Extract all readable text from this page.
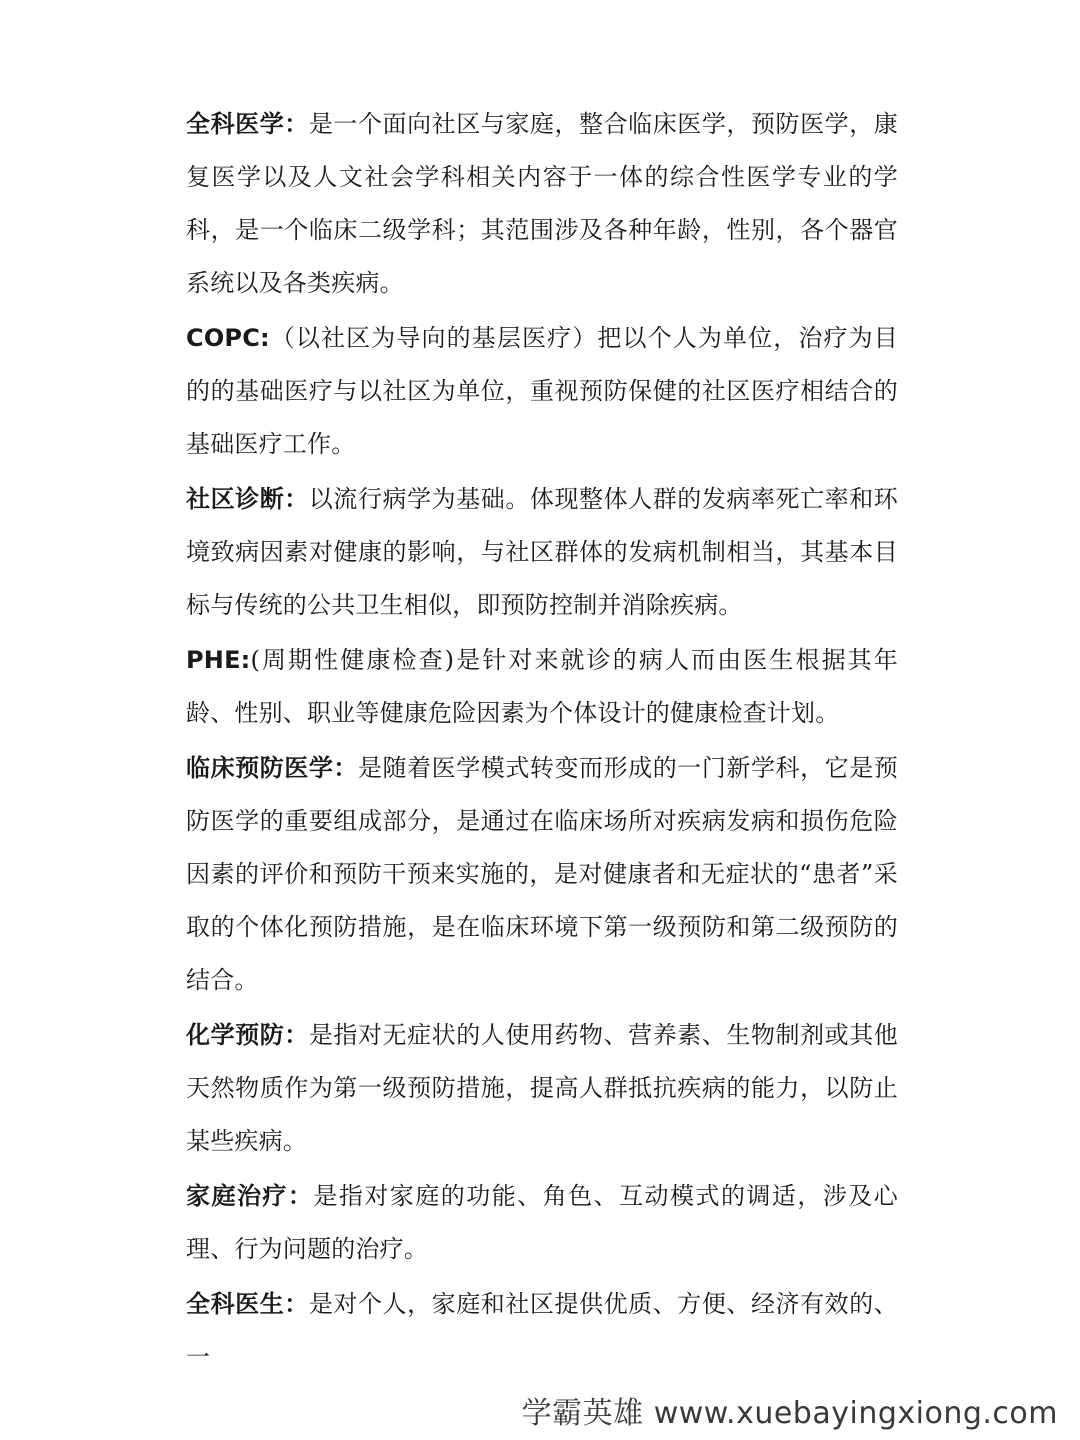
全科医学：是一个面向社区与家庭，整合临床医学，预防医学，康复医学以及人文社会学科相关内容于一体的综合性医学专业的学科，是一个临床二级学科；其范围涉及各种年龄，性别，各个器官系统以及各类疾病。

COPC:（以社区为导向的基层医疗）把以个人为单位，治疗为目的的基础医疗与以社区为单位，重视预防保健的社区医疗相结合的基础医疗工作。

社区诊断：以流行病学为基础。体现整体人群的发病率死亡率和环境致病因素对健康的影响，与社区群体的发病机制相当，其基本目标与传统的公共卫生相似，即预防控制并消除疾病。

PHE:(周期性健康检查)是针对来就诊的病人而由医生根据其年龄、性别、职业等健康危险因素为个体设计的健康检查计划。

临床预防医学：是随着医学模式转变而形成的一门新学科，它是预防医学的重要组成部分，是通过在临床场所对疾病发病和损伤危险因素的评价和预防干预来实施的，是对健康者和无症状的“患者”采取的个体化预防措施，是在临床环境下第一级预防和第二级预防的结合。

化学预防：是指对无症状的人使用药物、营养素、生物制剂或其他天然物质作为第一级预防措施，提高人群抵抗疾病的能力，以防止某些疾病。

家庭治疗：是指对家庭的功能、角色、互动模式的调适，涉及心理、行为问题的治疗。

全科医生：是对个人，家庭和社区提供优质、方便、经济有效的、一

学霸英雄 www.xuebayingxiong.com
